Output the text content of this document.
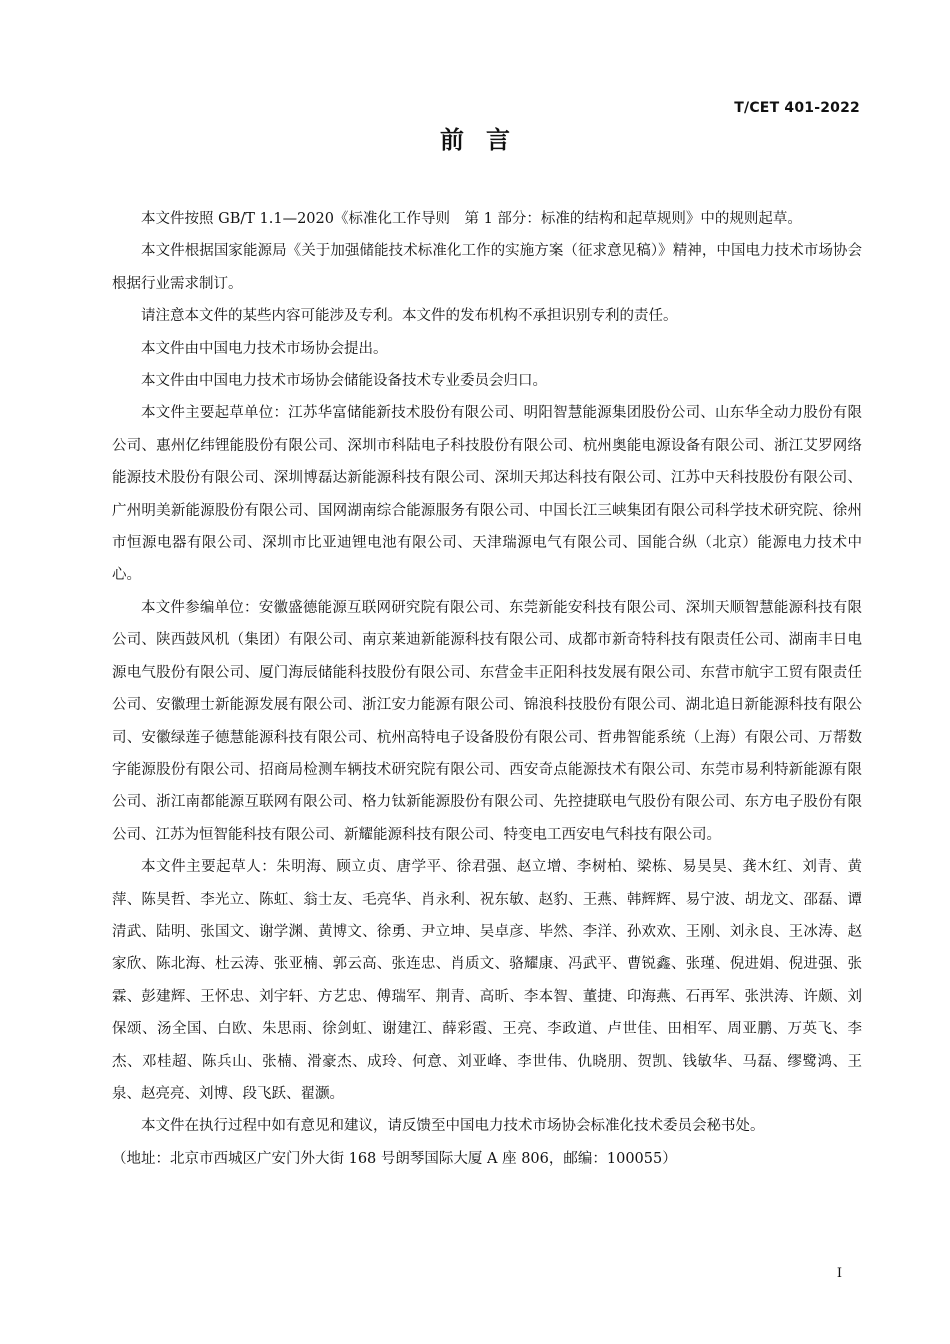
T/CET 401-2022
前言

本文件按照 GB/T 1.1—2020《标准化工作导则　第 1 部分：标准的结构和起草规则》中的规则起草。

本文件根据国家能源局《关于加强储能技术标准化工作的实施方案（征求意见稿）》精神，中国电力技术市场协会根据行业需求制订。

请注意本文件的某些内容可能涉及专利。本文件的发布机构不承担识别专利的责任。

本文件由中国电力技术市场协会提出。

本文件由中国电力技术市场协会储能设备技术专业委员会归口。

本文件主要起草单位：江苏华富储能新技术股份有限公司、明阳智慧能源集团股份公司、山东华全动力股份有限公司、惠州亿纬锂能股份有限公司、深圳市科陆电子科技股份有限公司、杭州奥能电源设备有限公司、浙江艾罗网络能源技术股份有限公司、深圳博磊达新能源科技有限公司、深圳天邦达科技有限公司、江苏中天科技股份有限公司、广州明美新能源股份有限公司、国网湖南综合能源服务有限公司、中国长江三峡集团有限公司科学技术研究院、徐州市恒源电器有限公司、深圳市比亚迪锂电池有限公司、天津瑞源电气有限公司、国能合纵（北京）能源电力技术中心。

本文件参编单位：安徽盛德能源互联网研究院有限公司、东莞新能安科技有限公司、深圳天顺智慧能源科技有限公司、陕西鼓风机（集团）有限公司、南京莱迪新能源科技有限公司、成都市新奇特科技有限责任公司、湖南丰日电源电气股份有限公司、厦门海辰储能科技股份有限公司、东营金丰正阳科技发展有限公司、东营市航宇工贸有限责任公司、安徽理士新能源发展有限公司、浙江安力能源有限公司、锦浪科技股份有限公司、湖北追日新能源科技有限公司、安徽绿莲子德慧能源科技有限公司、杭州高特电子设备股份有限公司、哲弗智能系统（上海）有限公司、万帮数字能源股份有限公司、招商局检测车辆技术研究院有限公司、西安奇点能源技术有限公司、东莞市易利特新能源有限公司、浙江南都能源互联网有限公司、格力钛新能源股份有限公司、先控捷联电气股份有限公司、东方电子股份有限公司、江苏为恒智能科技有限公司、新耀能源科技有限公司、特变电工西安电气科技有限公司。

本文件主要起草人：朱明海、顾立贞、唐学平、徐君强、赵立增、李树柏、梁栋、易昊昊、龚木红、刘青、黄萍、陈昊哲、李光立、陈虹、翁士友、毛亮华、肖永利、祝东敏、赵豹、王燕、韩辉辉、易宁波、胡龙文、邵磊、谭清武、陆明、张国文、谢学渊、黄博文、徐勇、尹立坤、吴卓彦、毕然、李洋、孙欢欢、王刚、刘永良、王冰涛、赵家欣、陈北海、杜云涛、张亚楠、郭云高、张连忠、肖质文、骆耀康、冯武平、曹锐鑫、张瑾、倪进娟、倪进强、张霖、彭建辉、王怀忠、刘宇轩、方艺忠、傅瑞军、荆青、高昕、李本智、董捷、印海燕、石再军、张洪涛、许颇、刘保颂、汤全国、白欧、朱思雨、徐剑虹、谢建江、薛彩霞、王亮、李政道、卢世佳、田相军、周亚鹏、万英飞、李杰、邓桂超、陈兵山、张楠、滑豪杰、成玲、何意、刘亚峰、李世伟、仇晓朋、贺凯、钱敏华、马磊、缪鹭鸿、王泉、赵亮亮、刘博、段飞跃、翟灏。

本文件在执行过程中如有意见和建议，请反馈至中国电力技术市场协会标准化技术委员会秘书处。

（地址：北京市西城区广安门外大街 168 号朗琴国际大厦 A 座 806，邮编：100055）

I
